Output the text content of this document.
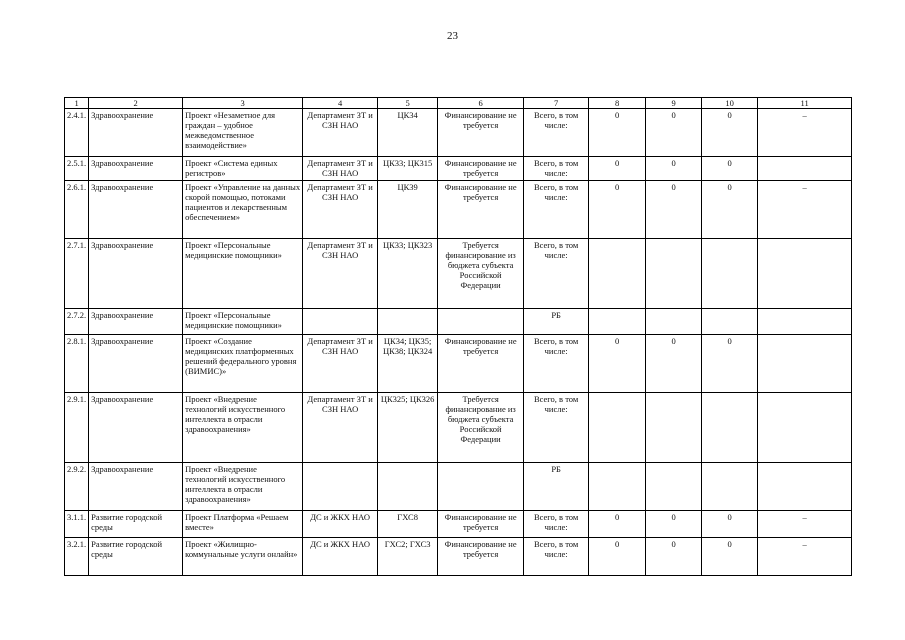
23
1	2	3	4	5	6	7	8	9	10	11
2.4.1.	Здравоохранение	Проект «Незаметное для граждан – удобное межведомственное взаимодействие»	Департамент ЗТ и СЗН НАО	ЦК34	Финансирование не требуется	Всего, в том числе:	0	0	0	–
2.5.1.	Здравоохранение	Проект «Система единых регистров»	Департамент ЗТ и СЗН НАО	ЦК33; ЦК315	Финансирование не требуется	Всего, в том числе:	0	0	0	
2.6.1.	Здравоохранение	Проект «Управление на данных скорой помощью, потоками пациентов и лекарственным обеспечением»	Департамент ЗТ и СЗН НАО	ЦК39	Финансирование не требуется	Всего, в том числе:	0	0	0	–
2.7.1.	Здравоохранение	Проект «Персональные медицинские помощники»	Департамент ЗТ и СЗН НАО	ЦК33; ЦК323	Требуется финансирование из бюджета субъекта Российской Федерации	Всего, в том числе:				
2.7.2.	Здравоохранение	Проект «Персональные медицинские помощники»				РБ				
2.8.1.	Здравоохранение	Проект «Создание медицинских платформенных решений федерального уровня (ВИМИС)»	Департамент ЗТ и СЗН НАО	ЦК34; ЦК35; ЦК38; ЦК324	Финансирование не требуется	Всего, в том числе:	0	0	0	
2.9.1.	Здравоохранение	Проект «Внедрение технологий искусственного интеллекта в отрасли здравоохранения»	Департамент ЗТ и СЗН НАО	ЦК325; ЦК326	Требуется финансирование из бюджета субъекта Российской Федерации	Всего, в том числе:				
2.9.2.	Здравоохранение	Проект «Внедрение технологий искусственного интеллекта в отрасли здравоохранения»				РБ				
3.1.1.	Развитие городской среды	Проект Платформа «Решаем вместе»	ДС и ЖКХ НАО	ГХС8	Финансирование не требуется	Всего, в том числе:	0	0	0	–
3.2.1.	Развитие городской среды	Проект «Жилищно-коммунальные услуги онлайн»	ДС и ЖКХ НАО	ГХС2; ГХС3	Финансирование не требуется	Всего, в том числе:	0	0	0	–
